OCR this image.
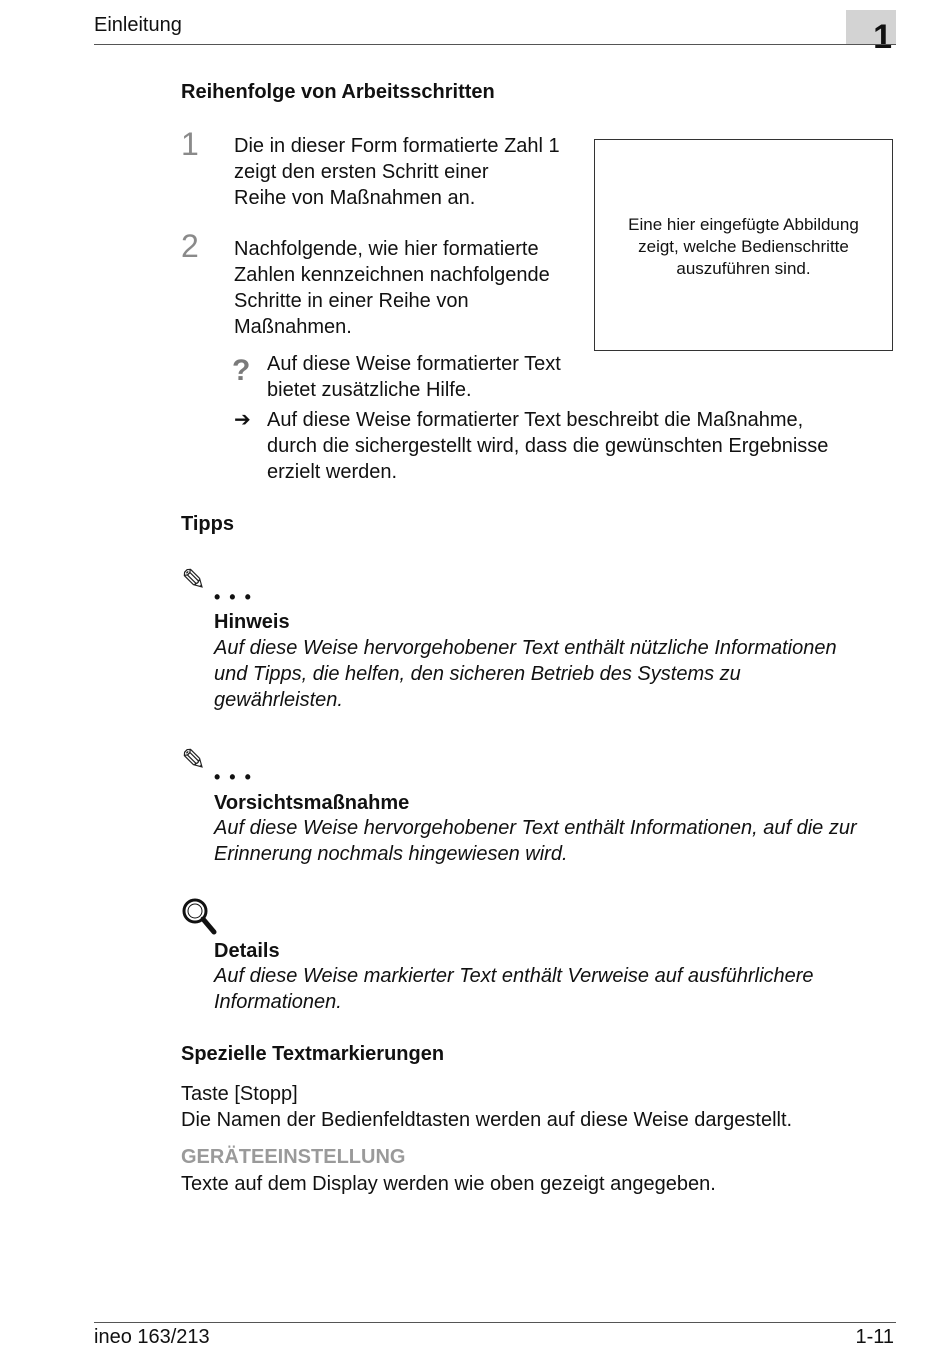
Einleitung	1
Reihenfolge von Arbeitsschritten
1 Die in dieser Form formatierte Zahl 1
zeigt den ersten Schritt einer
Reihe von Maßnahmen an.
2 Nachfolgende, wie hier formatierte
Zahlen kennzeichnen nachfolgende
Schritte in einer Reihe von
Maßnahmen.
Eine hier eingefügte Abbildung
zeigt, welche Bedienschritte
auszuführen sind.
? Auf diese Weise formatierter Text
bietet zusätzliche Hilfe.
➔ Auf diese Weise formatierter Text beschreibt die Maßnahme,
durch die sichergestellt wird, dass die gewünschten Ergebnisse
erzielt werden.
Tipps
✎ • • •
Hinweis
Auf diese Weise hervorgehobener Text enthält nützliche Informationen
und Tipps, die helfen, den sicheren Betrieb des Systems zu
gewährleisten.
✎ • • •
Vorsichtsmaßnahme
Auf diese Weise hervorgehobener Text enthält Informationen, auf die zur
Erinnerung nochmals hingewiesen wird.
Details
Auf diese Weise markierter Text enthält Verweise auf ausführlichere
Informationen.
Spezielle Textmarkierungen
Taste [Stopp]
Die Namen der Bedienfeldtasten werden auf diese Weise dargestellt.
GERÄTEEINSTELLUNG
Texte auf dem Display werden wie oben gezeigt angegeben.
ineo 163/213	1-11
